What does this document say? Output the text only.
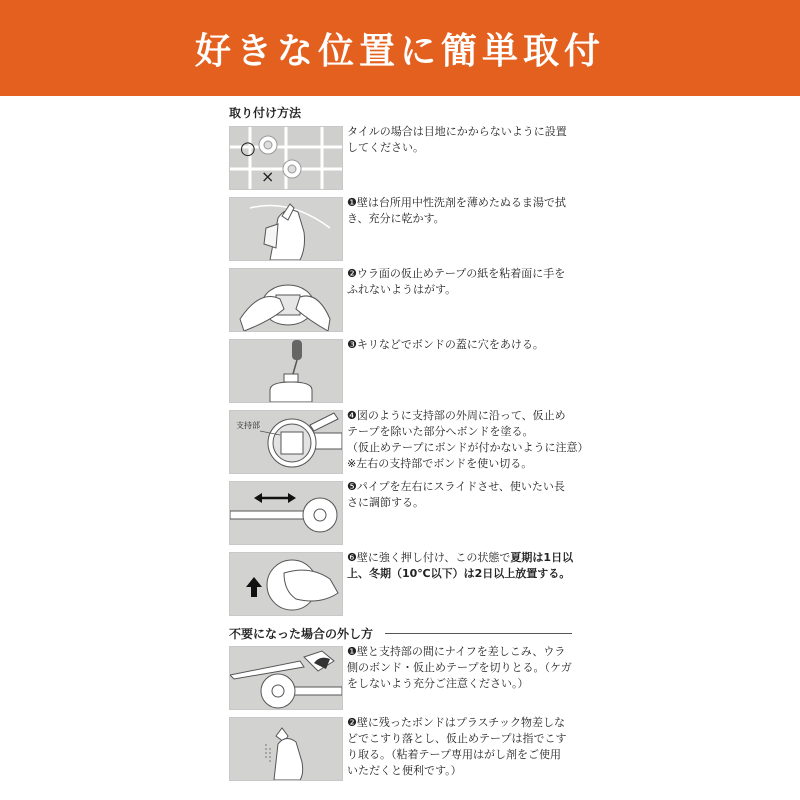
好きな位置に簡単取付
取り付け方法
○
×
タイルの場合は目地にかからないように設置
してください。
❶壁は台所用中性洗剤を薄めたぬるま湯で拭
き、充分に乾かす。
❷ウラ面の仮止めテープの紙を粘着面に手を
ふれないようはがす。
❸キリなどでボンドの蓋に穴をあける。
支持部
❹図のように支持部の外周に沿って、仮止め
テープを除いた部分へボンドを塗る。
（仮止めテープにボンドが付かないように注意）
※左右の支持部でボンドを使い切る。
❺パイプを左右にスライドさせ、使いたい長
さに調節する。
❻壁に強く押し付け、この状態で夏期は1日以
上、冬期（10℃以下）は2日以上放置する。
不要になった場合の外し方
❶壁と支持部の間にナイフを差しこみ、ウラ
側のボンド・仮止めテープを切りとる。（ケガ
をしないよう充分ご注意ください。）
❷壁に残ったボンドはプラスチック物差しな
どでこすり落とし、仮止めテープは指でこす
り取る。（粘着テープ専用はがし剤をご使用
いただくと便利です。）
